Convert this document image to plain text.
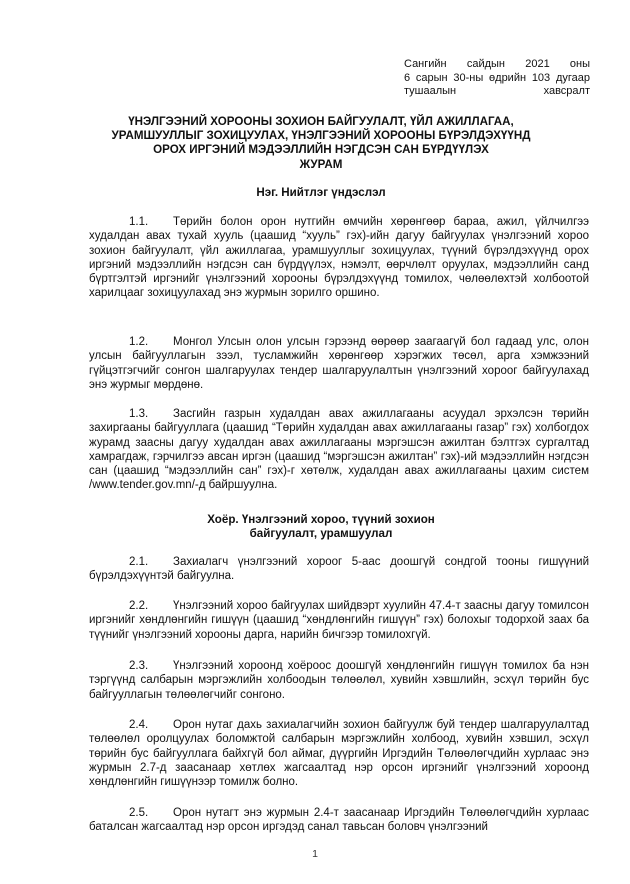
Сангийн сайдын 2021 оны
6 сарын 30-ны өдрийн 103 дугаар
тушаалын хавсралт
ҮНЭЛГЭЭНИЙ ХОРООНЫ ЗОХИОН БАЙГУУЛАЛТ, ҮЙЛ АЖИЛЛАГАА,
УРАМШУУЛЛЫГ ЗОХИЦУУЛАХ, ҮНЭЛГЭЭНИЙ ХОРООНЫ БҮРЭЛДЭХҮҮНД
ОРОХ ИРГЭНИЙ МЭДЭЭЛЛИЙН НЭГДСЭН САН БҮРДҮҮЛЭХ
ЖУРАМ
Нэг. Нийтлэг үндэслэл

1.1. Төрийн болон орон нутгийн өмчийн хөрөнгөөр бараа, ажил, үйлчилгээ худалдан авах тухай хууль (цаашид “хууль” гэх)-ийн дагуу байгуулах үнэлгээний хороо зохион байгуулалт, үйл ажиллагаа, урамшууллыг зохицуулах, түүний бүрэлдэхүүнд орох иргэний мэдээллийн нэгдсэн сан бүрдүүлэх, нэмэлт, өөрчлөлт оруулах, мэдээллийн санд бүртгэлтэй иргэнийг үнэлгээний хорооны бүрэлдэхүүнд томилох, чөлөөлөхтэй холбоотой харилцааг зохицуулахад энэ журмын зорилго оршино.

1.2. Монгол Улсын олон улсын гэрээнд өөрөөр заагаагүй бол гадаад улс, олон улсын байгууллагын зээл, тусламжийн хөрөнгөөр хэрэгжих төсөл, арга хэмжээний гүйцэтгэгчийг сонгон шалгаруулах тендер шалгаруулалтын үнэлгээний хороог байгуулахад энэ журмыг мөрдөнө.

1.3. Засгийн газрын худалдан авах ажиллагааны асуудал эрхэлсэн төрийн захиргааны байгууллага (цаашид “Төрийн худалдан авах ажиллагааны газар” гэх) холбогдох журамд заасны дагуу худалдан авах ажиллагааны мэргэшсэн ажилтан бэлтгэх сургалтад хамрагдаж, гэрчилгээ авсан иргэн (цаашид “мэргэшсэн ажилтан” гэх)-ий мэдээллийн нэгдсэн сан (цаашид “мэдээллийн сан” гэх)-г хөтөлж, худалдан авах ажиллагааны цахим систем /www.tender.gov.mn/-д байршуулна.

Хоёр. Үнэлгээний хороо, түүний зохион
байгуулалт, урамшуулал

2.1. Захиалагч үнэлгээний хороог 5-аас доошгүй сондгой тооны гишүүний бүрэлдэхүүнтэй байгуулна.

2.2. Үнэлгээний хороо байгуулах шийдвэрт хуулийн 47.4-т заасны дагуу томилсон иргэнийг хөндлөнгийн гишүүн (цаашид “хөндлөнгийн гишүүн” гэх) болохыг тодорхой заах ба түүнийг үнэлгээний хорооны дарга, нарийн бичгээр томилохгүй.

2.3. Үнэлгээний хороонд хоёроос доошгүй хөндлөнгийн гишүүн томилох ба нэн тэргүүнд салбарын мэргэжлийн холбоодын төлөөлөл, хувийн хэвшлийн, эсхүл төрийн бус байгууллагын төлөөлөгчийг сонгоно.

2.4. Орон нутаг дахь захиалагчийн зохион байгуулж буй тендер шалгаруулалтад төлөөлөл оролцуулах боломжтой салбарын мэргэжлийн холбоод, хувийн хэвшил, эсхүл төрийн бус байгууллага байхгүй бол аймаг, дүүргийн Иргэдийн Төлөөлөгчдийн хурлаас энэ журмын 2.7-д заасанаар хөтлөх жагсаалтад нэр орсон иргэнийг үнэлгээний хороонд хөндлөнгийн гишүүнээр томилж болно.

2.5. Орон нутагт энэ журмын 2.4-т заасанаар Иргэдийн Төлөөлөгчдийн хурлаас баталсан жагсаалтад нэр орсон иргэдэд санал тавьсан боловч үнэлгээний

1
